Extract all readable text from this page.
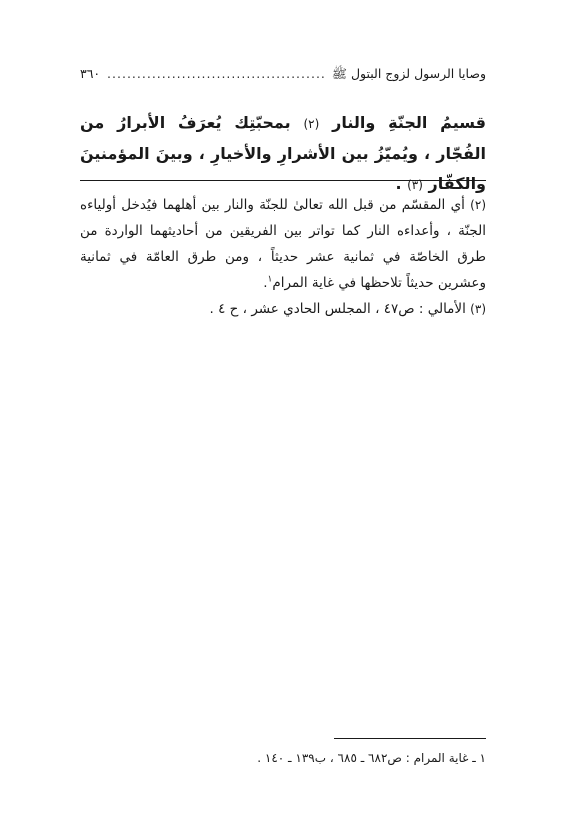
وصايا الرسول لزوج البتول ﷺ
.....
٣٦٠
قسيمُ الجنّةِ والنار (٢) بمحبّتِك يُعرَفُ الأبرارُ من الفُجّار ، ويُميّزُ بين الأشرارِ والأخيارِ ، وبينَ المؤمنينَ والكفّار (٣) .

(٢) أي المقسّم من قبل الله تعالىٰ للجنّة والنار بين أهلهما فيُدخل أولياءه الجنّة ، وأعداءه النار كما تواتر بين الفريقين من أحاديثهما الواردة من طرق الخاصّة في ثمانية عشر حديثاً ، ومن طرق العامّة في ثمانية وعشرين حديثاً تلاحظها في غاية المرام$^١$.

(٣) الأمالي : ص٤٧ ، المجلس الحادي عشر ، ح ٤ .

١ ـ غاية المرام : ص٦٨٢ ـ ٦٨٥ ، ب١٣٩ ـ ١٤٠ .
